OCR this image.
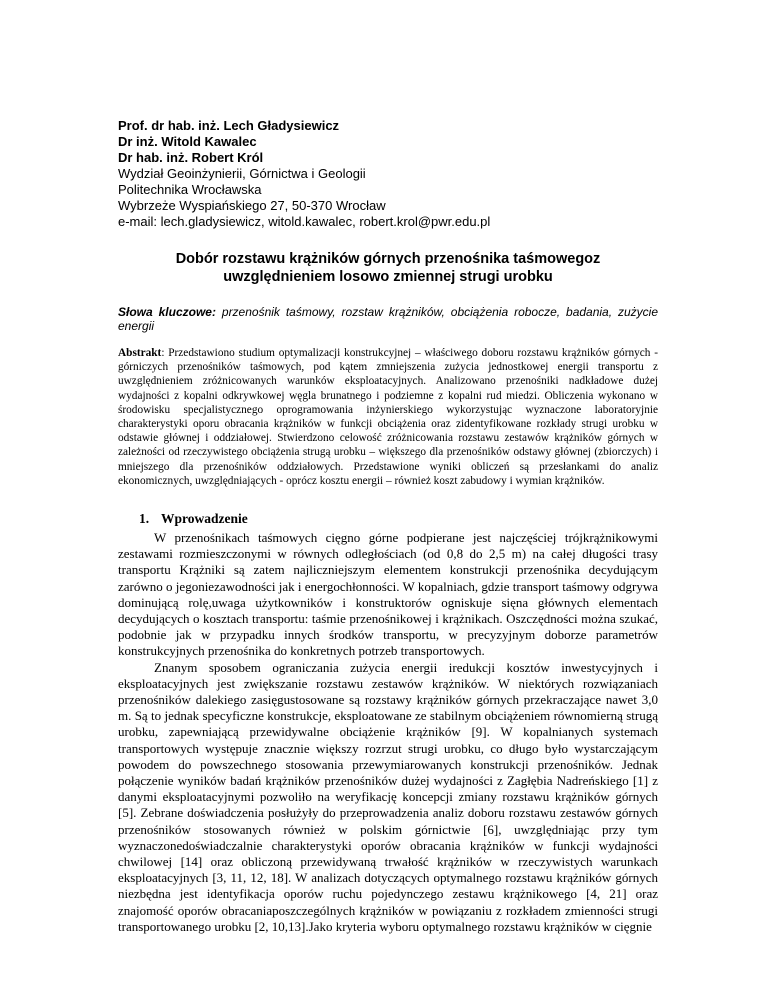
Prof. dr hab. inż. Lech Gładysiewicz
Dr inż. Witold Kawalec
Dr hab. inż. Robert Król
Wydział Geoinżynierii, Górnictwa i Geologii
Politechnika Wrocławska
Wybrzeże Wyspiańskiego 27, 50-370 Wrocław
e-mail: lech.gladysiewicz, witold.kawalec, robert.krol@pwr.edu.pl
Dobór rozstawu krążników górnych przenośnika taśmowegoz uwzględnieniem losowo zmiennej strugi urobku
Słowa kluczowe: przenośnik taśmowy, rozstaw krążników, obciążenia robocze, badania, zużycie energii
Abstrakt: Przedstawiono studium optymalizacji konstrukcyjnej – właściwego doboru rozstawu krążników górnych - górniczych przenośników taśmowych, pod kątem zmniejszenia zużycia jednostkowej energii transportu z uwzględnieniem zróżnicowanych warunków eksploatacyjnych. Analizowano przenośniki nadkładowe dużej wydajności z kopalni odkrywkowej węgla brunatnego i podziemne z kopalni rud miedzi. Obliczenia wykonano w środowisku specjalistycznego oprogramowania inżynierskiego wykorzystując wyznaczone laboratoryjnie charakterystyki oporu obracania krążników w funkcji obciążenia oraz zidentyfikowane rozkłady strugi urobku w odstawie głównej i oddziałowej. Stwierdzono celowość zróżnicowania rozstawu zestawów krążników górnych w zależności od rzeczywistego obciążenia strugą urobku – większego dla przenośników odstawy głównej (zbiorczych) i mniejszego dla przenośników oddziałowych. Przedstawione wyniki obliczeń są przesłankami do analiz ekonomicznych, uwzględniających - oprócz kosztu energii – również koszt zabudowy i wymian krążników.
1. Wprowadzenie

W przenośnikach taśmowych cięgno górne podpierane jest najczęściej trójkrążnikowymi zestawami rozmieszczonymi w równych odległościach (od 0,8 do 2,5 m) na całej długości trasy transportu Krążniki są zatem najliczniejszym elementem konstrukcji przenośnika decydującym zarówno o jegoniezawodności jak i energochłonności. W kopalniach, gdzie transport taśmowy odgrywa dominującą rolę,uwaga użytkowników i konstruktorów ogniskuje sięna głównych elementach decydujących o kosztach transportu: taśmie przenośnikowej i krążnikach. Oszczędności można szukać, podobnie jak w przypadku innych środków transportu, w precyzyjnym doborze parametrów konstrukcyjnych przenośnika do konkretnych potrzeb transportowych.

Znanym sposobem ograniczania zużycia energii iredukcji kosztów inwestycyjnych i eksploatacyjnych jest zwiększanie rozstawu zestawów krążników. W niektórych rozwiązaniach przenośników dalekiego zasięgustosowane są rozstawy krążników górnych przekraczające nawet 3,0 m. Są to jednak specyficzne konstrukcje, eksploatowane ze stabilnym obciążeniem równomierną strugą urobku, zapewniającą przewidywalne obciążenie krążników [9]. W kopalnianych systemach transportowych występuje znacznie większy rozrzut strugi urobku, co długo było wystarczającym powodem do powszechnego stosowania przewymiarowanych konstrukcji przenośników. Jednak połączenie wyników badań krążników przenośników dużej wydajności z Zagłębia Nadreńskiego [1] z danymi eksploatacyjnymi pozwoliło na weryfikację koncepcji zmiany rozstawu krążników górnych [5]. Zebrane doświadczenia posłużyły do przeprowadzenia analiz doboru rozstawu zestawów górnych przenośników stosowanych również w polskim górnictwie [6], uwzględniając przy tym wyznaczonedoświadczalnie charakterystyki oporów obracania krążników w funkcji wydajności chwilowej [14] oraz obliczoną przewidywaną trwałość krążników w rzeczywistych warunkach eksploatacyjnych [3, 11, 12, 18]. W analizach dotyczących optymalnego rozstawu krążników górnych niezbędna jest identyfikacja oporów ruchu pojedynczego zestawu krążnikowego [4, 21] oraz znajomość oporów obracaniaposzczególnych krążników w powiązaniu z rozkładem zmienności strugi transportowanego urobku [2, 10,13].Jako kryteria wyboru optymalnego rozstawu krążników w cięgnie
